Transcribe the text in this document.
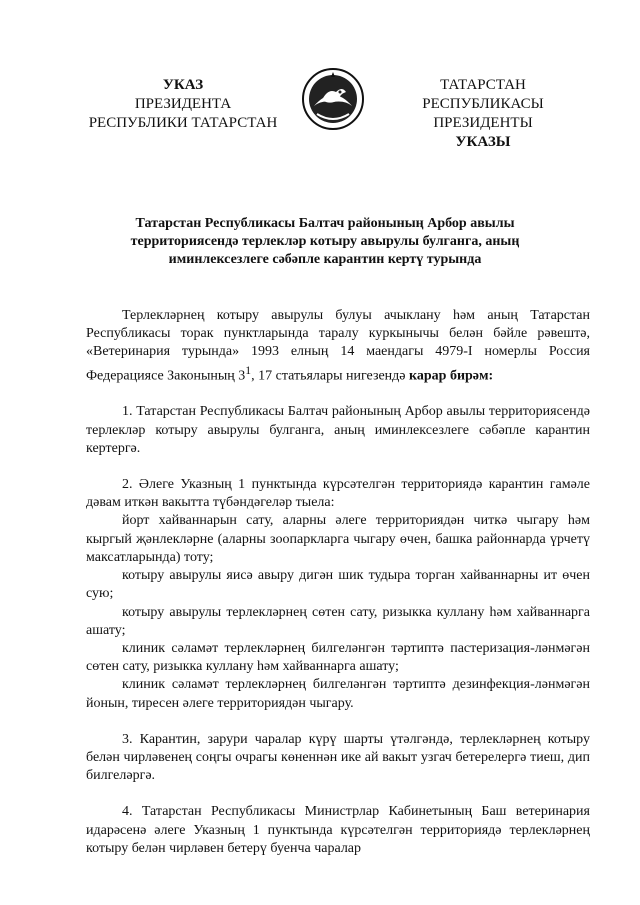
УКАЗ
ПРЕЗИДЕНТА
РЕСПУБЛИКИ ТАТАРСТАН
ТАТАРСТАН РЕСПУБЛИКАСЫ
ПРЕЗИДЕНТЫ
УКАЗЫ
Татарстан Республикасы Балтач районының Арбор авылы территориясендә терлекләр котыру авырулы булганга, аның иминлексезлеге сәбәпле карантин кертү турында

Терлекләрнең котыру авырулы булуы ачыклану һәм аның Татарстан Республикасы торак пунктларында таралу куркынычы белән бәйле рәвештә, «Ветеринария турында» 1993 елның 14 маендагы 4979-I номерлы Россия Федерациясе Законының $3^1$, 17 статьялары нигезендә карар бирәм:

1. Татарстан Республикасы Балтач районының Арбор авылы территориясендә терлекләр котыру авырулы булганга, аның иминлексезлеге сәбәпле карантин кертергә.

2. Әлеге Указның 1 пунктында күрсәтелгән территориядә карантин гамәле дәвам иткән вакытта түбәндәгеләр тыела:

йорт хайваннарын сату, аларны әлеге территориядән читкә чыгару һәм кыргый җәнлекләрне (аларны зоопаркларга чыгару өчен, башка районнарда үрчетү максатларында) тоту;

котыру авырулы яисә авыру дигән шик тудыра торган хайваннарны ит өчен сую;

котыру авырулы терлекләрнең сөтен сату, ризыкка куллану һәм хайваннарга ашату;

клиник сәламәт терлекләрнең билгеләнгән тәртиптә пастеризация-ләнмәгән сөтен сату, ризыкка куллану һәм хайваннарга ашату;

клиник сәламәт терлекләрнең билгеләнгән тәртиптә дезинфекция-ләнмәгән йонын, тиресен әлеге территориядән чыгару.

3. Карантин, зарури чаралар күрү шарты үтәлгәндә, терлекләрнең котыру белән чирләвенең соңгы очрагы көненнән ике ай вакыт узгач бетерелергә тиеш, дип билгеләргә.

4. Татарстан Республикасы Министрлар Кабинетының Баш ветеринария идарәсенә әлеге Указның 1 пунктында күрсәтелгән территориядә терлекләрнең котыру белән чирләвен бетерү буенча чаралар
